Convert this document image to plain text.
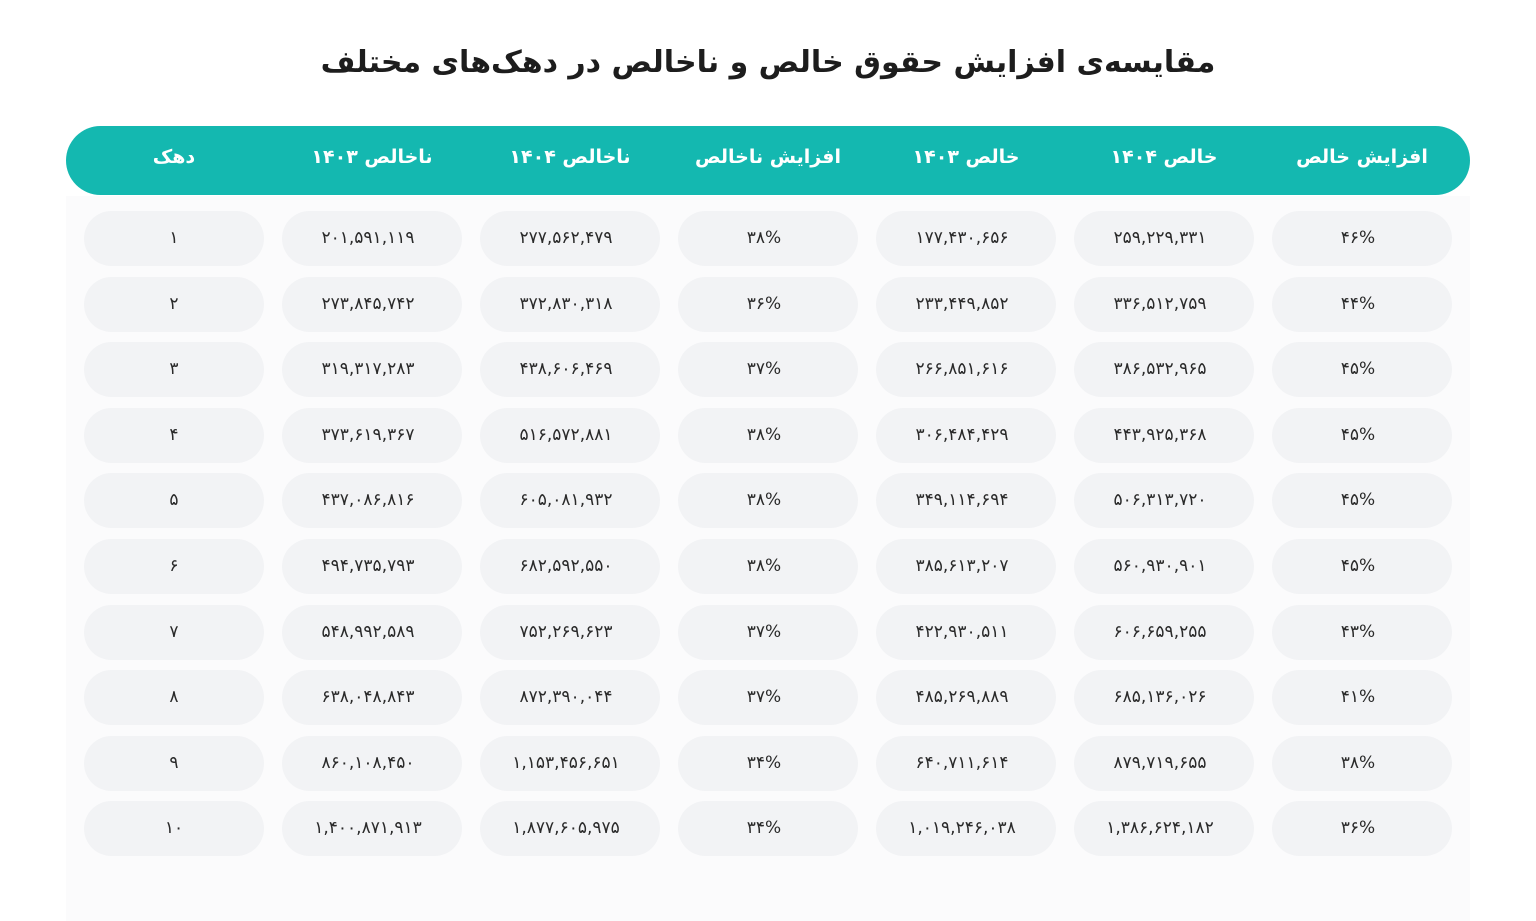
مقایسه‌ی افزایش حقوق خالص و ناخالص در دهک‌های مختلف
افزایش خالص
خالص ۱۴۰۴
خالص ۱۴۰۳
افزایش ناخالص
ناخالص ۱۴۰۴
ناخالص ۱۴۰۳
دهک
۴۶%
۲۵۹,۲۲۹,۳۳۱
۱۷۷,۴۳۰,۶۵۶
۳۸%
۲۷۷,۵۶۲,۴۷۹
۲۰۱,۵۹۱,۱۱۹
۱
۴۴%
۳۳۶,۵۱۲,۷۵۹
۲۳۳,۴۴۹,۸۵۲
۳۶%
۳۷۲,۸۳۰,۳۱۸
۲۷۳,۸۴۵,۷۴۲
۲
۴۵%
۳۸۶,۵۳۲,۹۶۵
۲۶۶,۸۵۱,۶۱۶
۳۷%
۴۳۸,۶۰۶,۴۶۹
۳۱۹,۳۱۷,۲۸۳
۳
۴۵%
۴۴۳,۹۲۵,۳۶۸
۳۰۶,۴۸۴,۴۲۹
۳۸%
۵۱۶,۵۷۲,۸۸۱
۳۷۳,۶۱۹,۳۶۷
۴
۴۵%
۵۰۶,۳۱۳,۷۲۰
۳۴۹,۱۱۴,۶۹۴
۳۸%
۶۰۵,۰۸۱,۹۳۲
۴۳۷,۰۸۶,۸۱۶
۵
۴۵%
۵۶۰,۹۳۰,۹۰۱
۳۸۵,۶۱۳,۲۰۷
۳۸%
۶۸۲,۵۹۲,۵۵۰
۴۹۴,۷۳۵,۷۹۳
۶
۴۳%
۶۰۶,۶۵۹,۲۵۵
۴۲۲,۹۳۰,۵۱۱
۳۷%
۷۵۲,۲۶۹,۶۲۳
۵۴۸,۹۹۲,۵۸۹
۷
۴۱%
۶۸۵,۱۳۶,۰۲۶
۴۸۵,۲۶۹,۸۸۹
۳۷%
۸۷۲,۳۹۰,۰۴۴
۶۳۸,۰۴۸,۸۴۳
۸
۳۸%
۸۷۹,۷۱۹,۶۵۵
۶۴۰,۷۱۱,۶۱۴
۳۴%
۱,۱۵۳,۴۵۶,۶۵۱
۸۶۰,۱۰۸,۴۵۰
۹
۳۶%
۱,۳۸۶,۶۲۴,۱۸۲
۱,۰۱۹,۲۴۶,۰۳۸
۳۴%
۱,۸۷۷,۶۰۵,۹۷۵
۱,۴۰۰,۸۷۱,۹۱۳
۱۰
